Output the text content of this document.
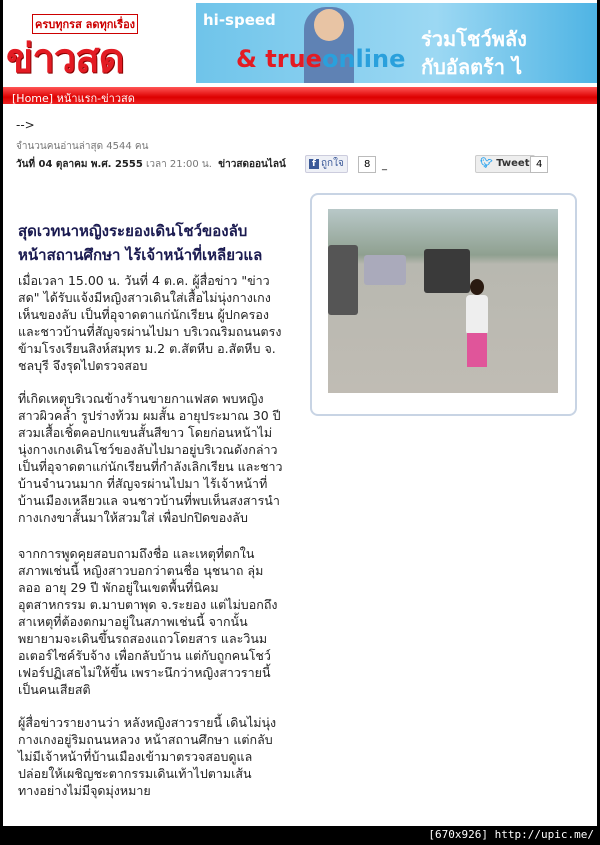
ครบทุกรส ลดทุกเรื่อง
ข่าวสด
hi-speed
& trueonline
ร่วมโชว์พลัง
กับอัลตร้า ไ
[Home] หน้าแรก-ข่าวสด
-->
จำนวนคนอ่านล่าสุด 4544 คน
วันที่ 04 ตุลาคม พ.ศ. 2555 เวลา 21:00 น. ข่าวสดออนไลน์	f ถูกใจ	8	_	🐦︎ Tweet 4
สุดเวทนาหญิงระยองเดินโชว์ของลับ
หน้าสถานศึกษา ไร้เจ้าหน้าที่เหลียวแล
เมื่อเวลา 15.00 น. วันที่ 4 ต.ค. ผู้สื่อข่าว "ข่าว
สด" ได้รับแจ้งมีหญิงสาวเดินใส่เสื้อไม่นุ่งกางเกง
เห็นของลับ เป็นที่อุจาดตาแก่นักเรียน ผู้ปกครอง
และชาวบ้านที่สัญจรผ่านไปมา บริเวณริมถนนตรง
ข้ามโรงเรียนสิงห์สมุทร ม.2 ต.สัตหีบ อ.สัตหีบ จ.
ชลบุรี จึงรุดไปตรวจสอบ
ที่เกิดเหตุบริเวณข้างร้านขายกาแฟสด พบหญิง
สาวผิวคล้ำ รูปร่างท้วม ผมสั้น อายุประมาณ 30 ปี
สวมเสื้อเชิ้ตคอปกแขนสั้นสีขาว โดยก่อนหน้าไม่
นุ่งกางเกงเดินโชว์ของลับไปมาอยู่บริเวณดังกล่าว
เป็นที่อุจาดตาแก่นักเรียนที่กำลังเลิกเรียน และชาว
บ้านจำนวนมาก ที่สัญจรผ่านไปมา ไร้เจ้าหน้าที่
บ้านเมืองเหลียวแล จนชาวบ้านที่พบเห็นสงสารนำ
กางเกงขาสั้นมาให้สวมใส่ เพื่อปกปิดของลับ
จากการพูดคุยสอบถามถึงชื่อ และเหตุที่ตกใน
สภาพเช่นนี้ หญิงสาวบอกว่าตนชื่อ นุชนาถ ลุ่ม
ลออ อายุ 29 ปี พักอยู่ในเขตพื้นที่นิคม
อุตสาหกรรม ต.มาบตาพุด จ.ระยอง แต่ไม่บอกถึง
สาเหตุที่ต้องตกมาอยู่ในสภาพเช่นนี้ จากนั้น
พยายามจะเดินขึ้นรถสองแถวโดยสาร และวินม
อเตอร์ไซค์รับจ้าง เพื่อกลับบ้าน แต่กับถูกคนโชว์
เฟอร์ปฏิเสธไม่ให้ขึ้น เพราะนึกว่าหญิงสาวรายนี้
เป็นคนเสียสติ
ผู้สื่อข่าวรายงานว่า หลังหญิงสาวรายนี้ เดินไม่นุ่ง
กางเกงอยู่ริมถนนหลวง หน้าสถานศึกษา แต่กลับ
ไม่มีเจ้าหน้าที่บ้านเมืองเข้ามาตรวจสอบดูแล
ปล่อยให้เผชิญชะตากรรมเดินเท้าไปตามเส้น
ทางอย่างไม่มีจุดมุ่งหมาย
[670x926] http://upic.me/
